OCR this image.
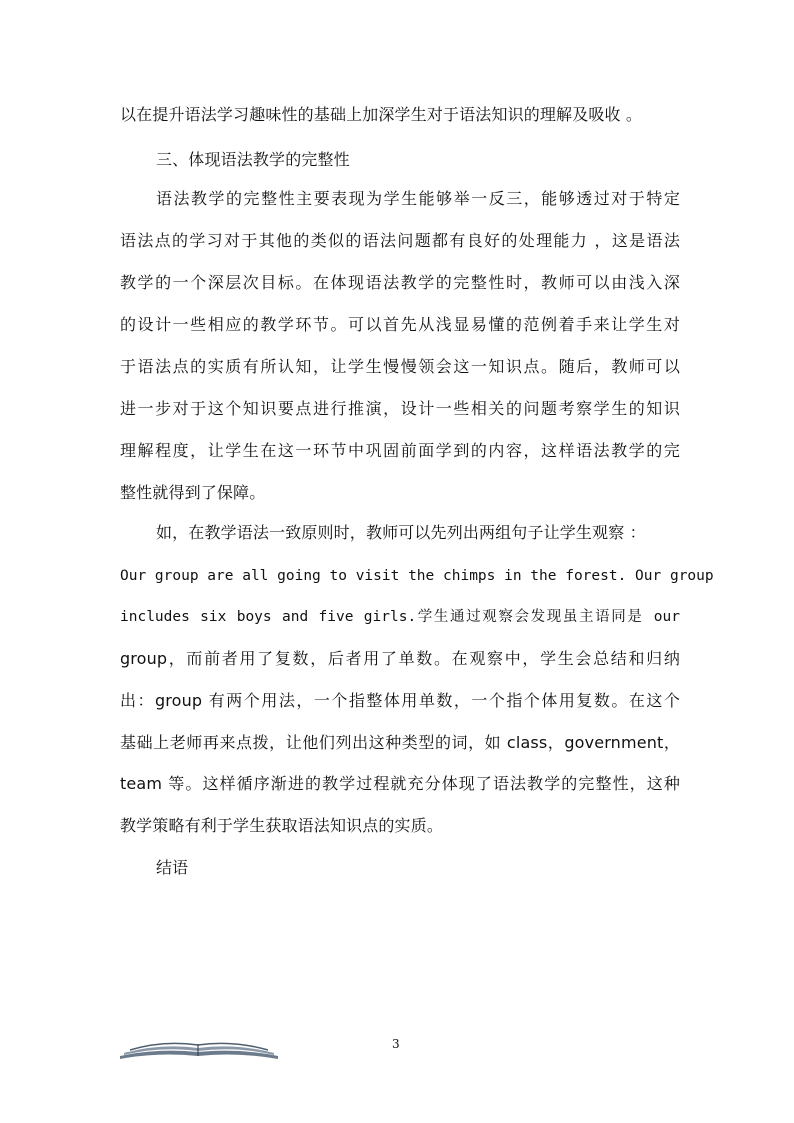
以在提升语法学习趣味性的基础上加深学生对于语法知识的理解及吸收 。
三、体现语法教学的完整性
语法教学的完整性主要表现为学生能够举一反三，能够透过对于特定
语法点的学习对于其他的类似的语法问题都有良好的处理能力 ，这是语法
教学的一个深层次目标。在体现语法教学的完整性时，教师可以由浅入深
的设计一些相应的教学环节。可以首先从浅显易懂的范例着手来让学生对
于语法点的实质有所认知，让学生慢慢领会这一知识点。随后，教师可以
进一步对于这个知识要点进行推演，设计一些相关的问题考察学生的知识
理解程度，让学生在这一环节中巩固前面学到的内容，这样语法教学的完
整性就得到了保障。
如，在教学语法一致原则时，教师可以先列出两组句子让学生观察 ：
Our group are all going to visit the chimps in the forest. Our group
includes six boys and five girls.学生通过观察会发现虽主语同是 our
group，而前者用了复数，后者用了单数。在观察中，学生会总结和归纳
出：group 有两个用法，一个指整体用单数，一个指个体用复数。在这个
基础上老师再来点拨，让他们列出这种类型的词，如 class，government，
team 等。这样循序渐进的教学过程就充分体现了语法教学的完整性，这种
教学策略有利于学生获取语法知识点的实质。
结语
3
